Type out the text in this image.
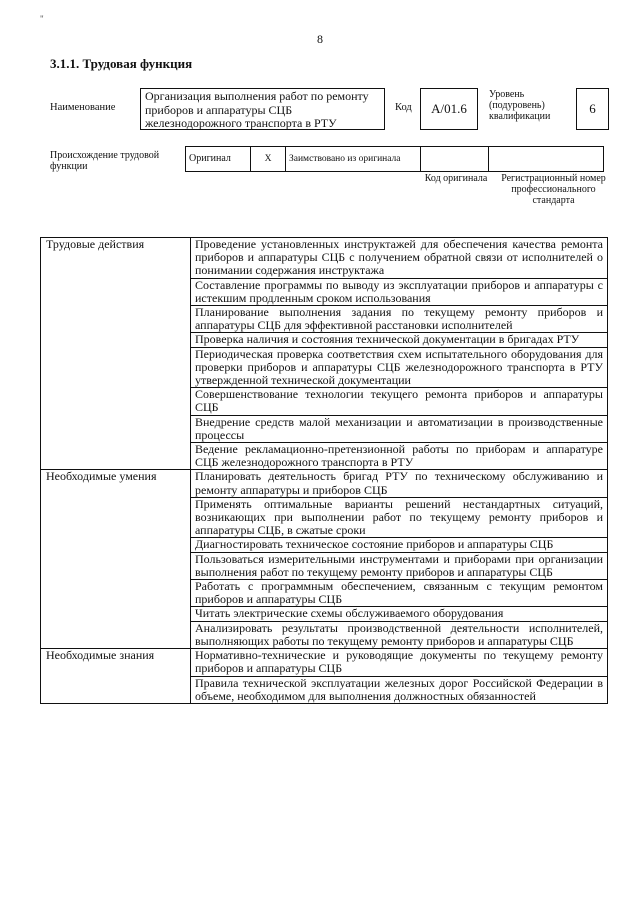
"
8
3.1.1. Трудовая функция
Наименование
Организация выполнения работ по ремонту приборов и аппаратуры СЦБ железнодорожного транспорта в РТУ
Код	А/01.6
Уровень (подуровень) квалификации
6
Происхождение трудовой функции
Оригинал	X	Заимствовано из оригинала		
Код оригинала	Регистрационный номер профессионального стандарта
Трудовые действия	Проведение установленных инструктажей для обеспечения качества ремонта приборов и аппаратуры СЦБ с получением обратной связи от исполнителей о понимании содержания инструктажа
	Составление программы по выводу из эксплуатации приборов и аппаратуры с истекшим продленным сроком использования
	Планирование выполнения задания по текущему ремонту приборов и аппаратуры СЦБ для эффективной расстановки исполнителей
	Проверка наличия и состояния технической документации в бригадах РТУ
	Периодическая проверка соответствия схем испытательного оборудования для проверки приборов и аппаратуры СЦБ железнодорожного транспорта в РТУ утвержденной технической документации
	Совершенствование технологии текущего ремонта приборов и аппаратуры СЦБ
	Внедрение средств малой механизации и автоматизации в производственные процессы
	Ведение рекламационно-претензионной работы по приборам и аппаратуре СЦБ железнодорожного транспорта в РТУ
Необходимые умения	Планировать деятельность бригад РТУ по техническому обслуживанию и ремонту аппаратуры и приборов СЦБ
	Применять оптимальные варианты решений нестандартных ситуаций, возникающих при выполнении работ по текущему ремонту приборов и аппаратуры СЦБ, в сжатые сроки
	Диагностировать техническое состояние приборов и аппаратуры СЦБ
	Пользоваться измерительными инструментами и приборами при организации выполнения работ по текущему ремонту приборов и аппаратуры СЦБ
	Работать с программным обеспечением, связанным с текущим ремонтом приборов и аппаратуры СЦБ
	Читать электрические схемы обслуживаемого оборудования
	Анализировать результаты производственной деятельности исполнителей, выполняющих работы по текущему ремонту приборов и аппаратуры СЦБ
Необходимые знания	Нормативно-технические и руководящие документы по текущему ремонту приборов и аппаратуры СЦБ
	Правила технической эксплуатации железных дорог Российской Федерации в объеме, необходимом для выполнения должностных обязанностей
